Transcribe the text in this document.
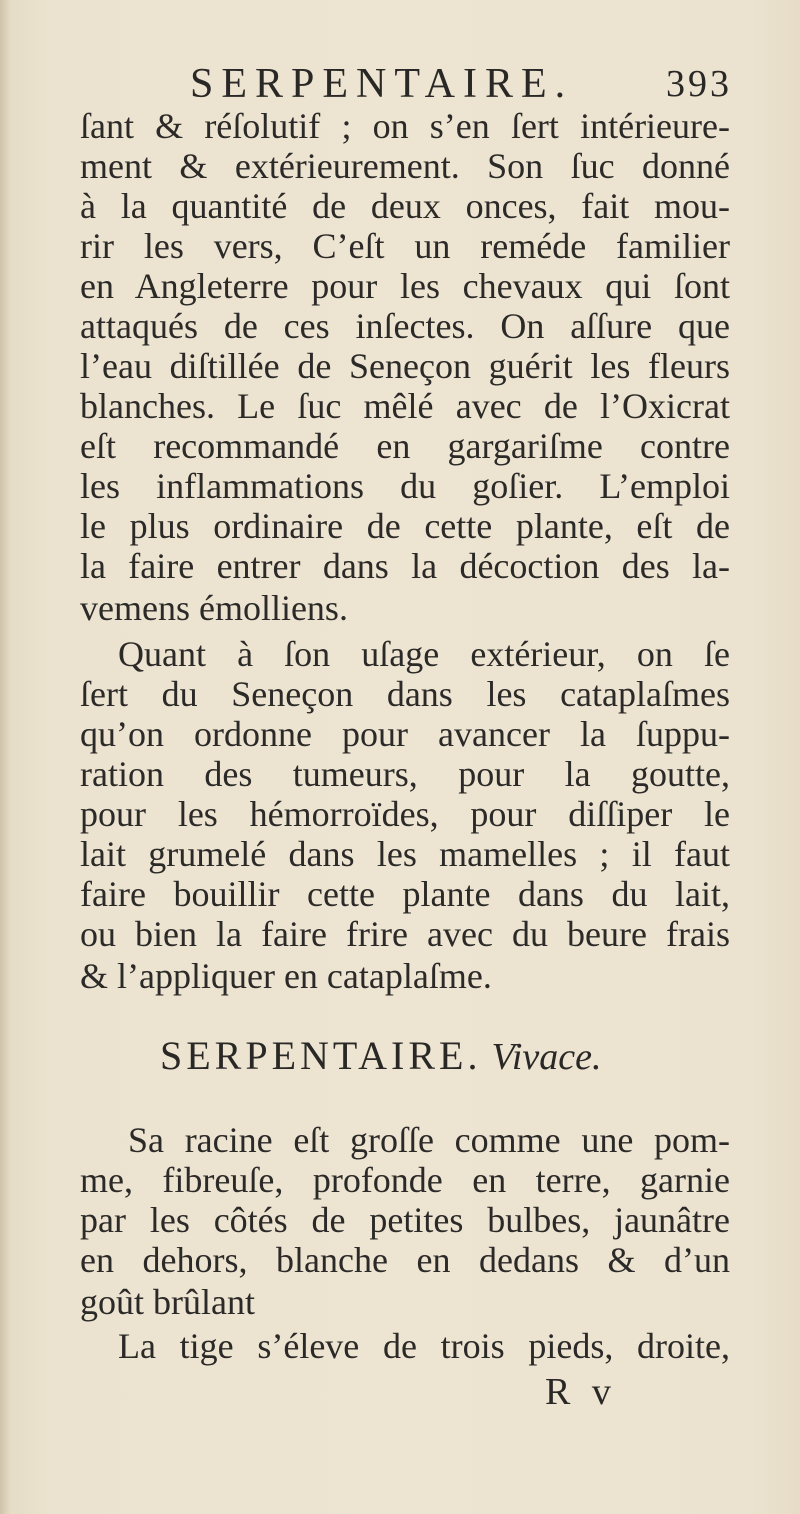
SERPENTAIRE. 393
ſant & réſolutif ; on s’en ſert intérieure-
ment & extérieurement. Son ſuc donné
à la quantité de deux onces, fait mou-
rir les vers, C’eſt un reméde familier
en Angleterre pour les chevaux qui ſont
attaqués de ces inſectes. On aſſure que
l’eau diſtillée de Seneçon guérit les fleurs
blanches. Le ſuc mêlé avec de l’Oxicrat
eſt recommandé en gargariſme contre
les inflammations du goſier. L’emploi
le plus ordinaire de cette plante, eſt de
la faire entrer dans la décoction des la-
vemens émolliens.
Quant à ſon uſage extérieur, on ſe
ſert du Seneçon dans les cataplaſmes
qu’on ordonne pour avancer la ſuppu-
ration des tumeurs, pour la goutte,
pour les hémorroïdes, pour diſſiper le
lait grumelé dans les mamelles ; il faut
faire bouillir cette plante dans du lait,
ou bien la faire frire avec du beure frais
& l’appliquer en cataplaſme.
SERPENTAIRE. Vivace.
Sa racine eſt groſſe comme une pom-
me, fibreuſe, profonde en terre, garnie
par les côtés de petites bulbes, jaunâtre
en dehors, blanche en dedans & d’un
goût brûlant
La tige s’éleve de trois pieds, droite,
R v
